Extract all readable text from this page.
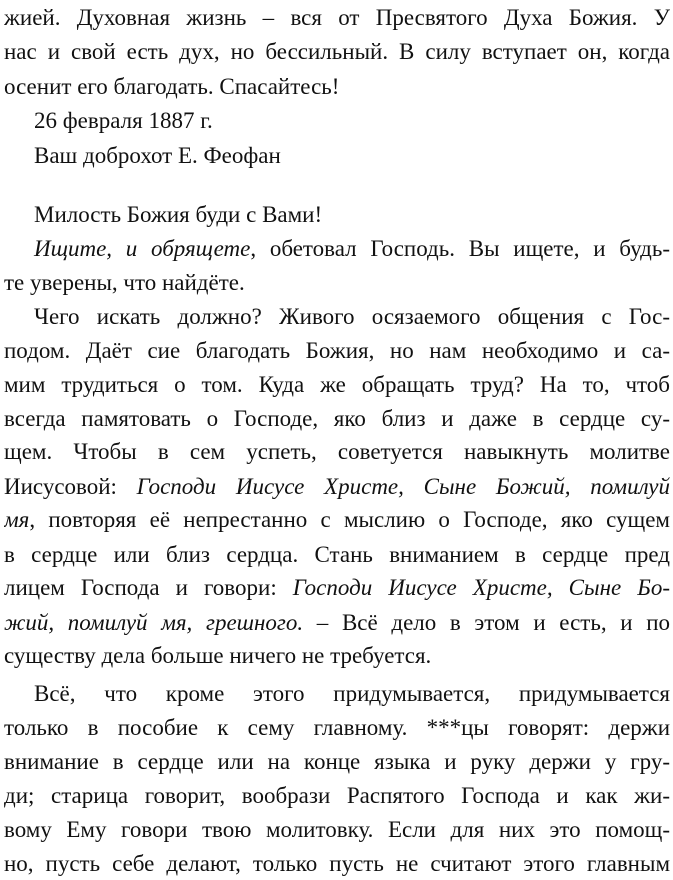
жией. Духовная жизнь – вся от Пресвятого Духа Божия. У
нас и свой есть дух, но бессильный. В силу вступает он, когда
осенит его благодать. Спасайтесь!
26 февраля 1887 г.
Ваш доброхот Е. Феофан
Милость Божия буди с Вами!
Ищите, и обрящете, обетовал Господь. Вы ищете, и будь-
те уверены, что найдёте.
Чего искать должно? Живого осязаемого общения с Гос-
подом. Даёт сие благодать Божия, но нам необходимо и са-
мим трудиться о том. Куда же обращать труд? На то, чтоб
всегда памятовать о Господе, яко близ и даже в сердце су-
щем. Чтобы в сем успеть, советуется навыкнуть молитве
Иисусовой: Господи Иисусе Христе, Сыне Божий, помилуй
мя, повторяя её непрестанно с мыслию о Господе, яко сущем
в сердце или близ сердца. Стань вниманием в сердце пред
лицем Господа и говори: Господи Иисусе Христе, Сыне Бо-
жий, помилуй мя, грешного. – Всё дело в этом и есть, и по
существу дела больше ничего не требуется.
Всё, что кроме этого придумывается, придумывается
только в пособие к сему главному. ***цы говорят: держи
внимание в сердце или на конце языка и руку держи у гру-
ди; старица говорит, вообрази Распятого Господа и как жи-
вому Ему говори твою молитовку. Если для них это помощ-
но, пусть себе делают, только пусть не считают этого главным
